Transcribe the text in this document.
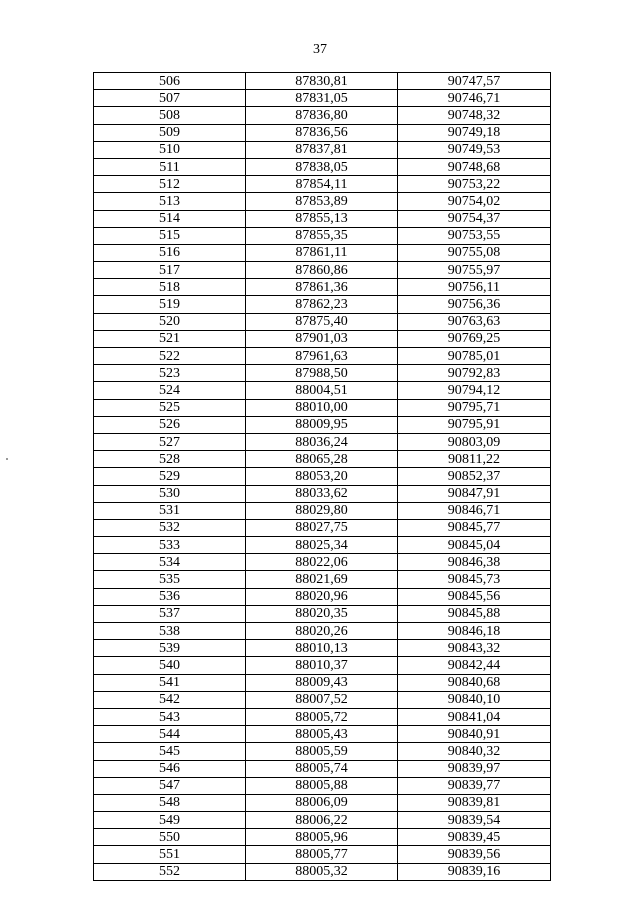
37
506	87830,81	90747,57
507	87831,05	90746,71
508	87836,80	90748,32
509	87836,56	90749,18
510	87837,81	90749,53
511	87838,05	90748,68
512	87854,11	90753,22
513	87853,89	90754,02
514	87855,13	90754,37
515	87855,35	90753,55
516	87861,11	90755,08
517	87860,86	90755,97
518	87861,36	90756,11
519	87862,23	90756,36
520	87875,40	90763,63
521	87901,03	90769,25
522	87961,63	90785,01
523	87988,50	90792,83
524	88004,51	90794,12
525	88010,00	90795,71
526	88009,95	90795,91
527	88036,24	90803,09
528	88065,28	90811,22
529	88053,20	90852,37
530	88033,62	90847,91
531	88029,80	90846,71
532	88027,75	90845,77
533	88025,34	90845,04
534	88022,06	90846,38
535	88021,69	90845,73
536	88020,96	90845,56
537	88020,35	90845,88
538	88020,26	90846,18
539	88010,13	90843,32
540	88010,37	90842,44
541	88009,43	90840,68
542	88007,52	90840,10
543	88005,72	90841,04
544	88005,43	90840,91
545	88005,59	90840,32
546	88005,74	90839,97
547	88005,88	90839,77
548	88006,09	90839,81
549	88006,22	90839,54
550	88005,96	90839,45
551	88005,77	90839,56
552	88005,32	90839,16
